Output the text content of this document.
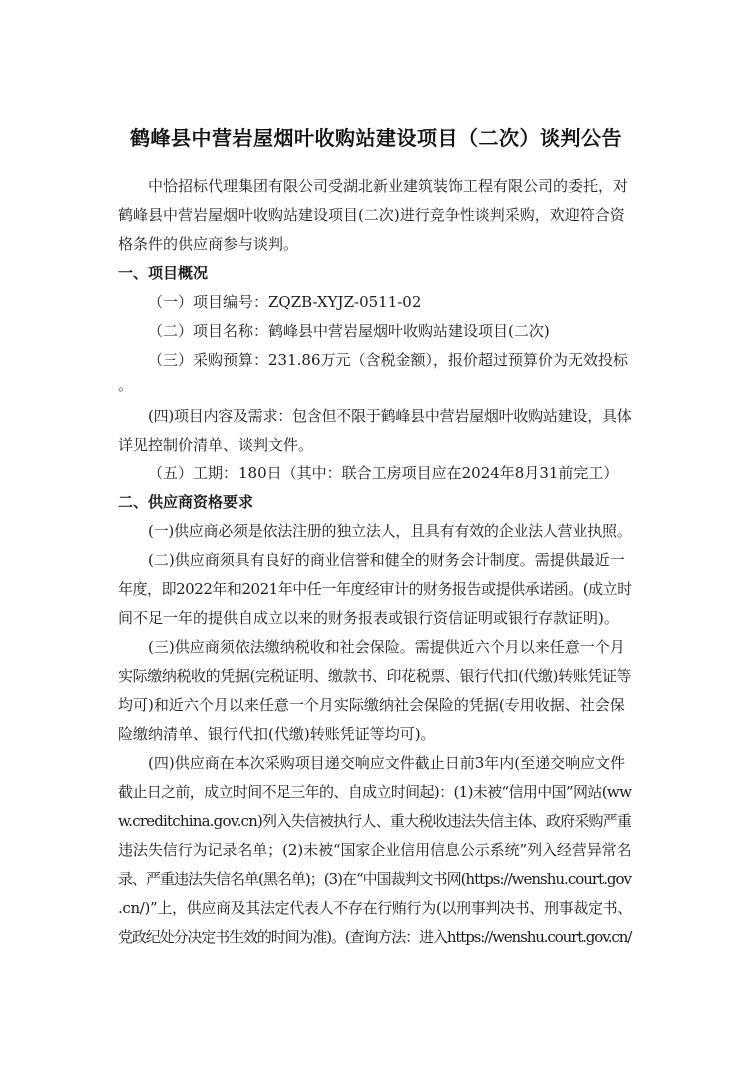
鹤峰县中营岩屋烟叶收购站建设项目（二次）谈判公告
中恰招标代理集团有限公司受湖北新业建筑装饰工程有限公司的委托，对
鹤峰县中营岩屋烟叶收购站建设项目(二次)进行竞争性谈判采购，欢迎符合资
格条件的供应商参与谈判。
一、项目概况
（一）项目编号：ZQZB-XYJZ-0511-02
（二）项目名称：鹤峰县中营岩屋烟叶收购站建设项目(二次)
（三）采购预算：231.86万元（含税金额），报价超过预算价为无效投标
。
(四)项目内容及需求：包含但不限于鹤峰县中营岩屋烟叶收购站建设，具体
详见控制价清单、谈判文件。
（五）工期：180日（其中：联合工房项目应在2024年8月31前完工）
二、供应商资格要求
(一)供应商必须是依法注册的独立法人，且具有有效的企业法人营业执照。
(二)供应商须具有良好的商业信誉和健全的财务会计制度。需提供最近一
年度，即2022年和2021年中任一年度经审计的财务报告或提供承诺函。(成立时
间不足一年的提供自成立以来的财务报表或银行资信证明或银行存款证明)。
(三)供应商须依法缴纳税收和社会保险。需提供近六个月以来任意一个月
实际缴纳税收的凭据(完税证明、缴款书、印花税票、银行代扣(代缴)转账凭证等
均可)和近六个月以来任意一个月实际缴纳社会保险的凭据(专用收据、社会保
险缴纳清单、银行代扣(代缴)转账凭证等均可)。
(四)供应商在本次采购项目递交响应文件截止日前3年内(至递交响应文件
截止日之前，成立时间不足三年的、自成立时间起)：(1)未被“信用中国”网站(ww
w.creditchina.gov.cn)列入失信被执行人、重大税收违法失信主体、政府采购严重
违法失信行为记录名单；(2)未被“国家企业信用信息公示系统”列入经营异常名
录、严重违法失信名单(黑名单)；(3)在“中国裁判文书网(https://wenshu.court.gov
.cn/)”上，供应商及其法定代表人不存在行贿行为(以刑事判决书、刑事裁定书、
党政纪处分决定书生效的时间为准)。(查询方法：进入https://wenshu.court.gov.cn/
